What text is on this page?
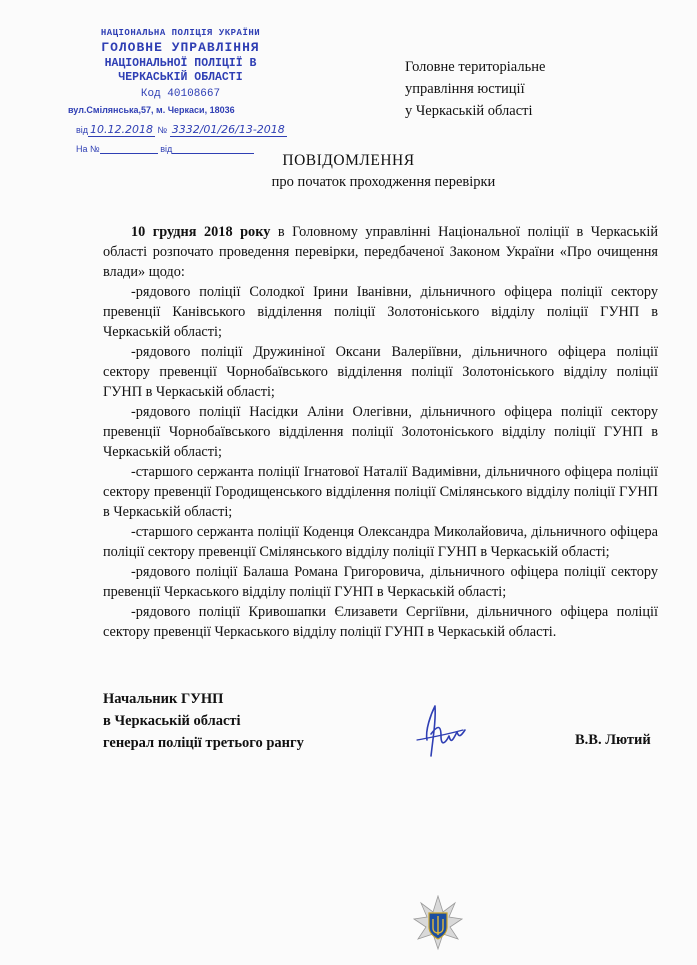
НАЦІОНАЛЬНА ПОЛІЦІЯ УКРАЇНИ
ГОЛОВНЕ УПРАВЛІННЯ
НАЦІОНАЛЬНОЇ ПОЛІЦІЇ В
ЧЕРКАСЬКІЙ ОБЛАСТІ
Код 40108667
вул.Смілянська,57, м. Черкаси, 18036
від 10.12.2018 № 3332/01/26/13-2018
На №	від
Головне територіальне
управління юстиції
у Черкаській області
ПОВІДОМЛЕННЯ
про початок проходження перевірки

10 грудня 2018 року в Головному управлінні Національної поліції в Черкаській області розпочато проведення перевірки, передбаченої Законом України «Про очищення влади» щодо:

-рядового поліції Солодкої Ірини Іванівни, дільничного офіцера поліції сектору превенції Канівського відділення поліції Золотоніського відділу поліції ГУНП в Черкаській області;

-рядового поліції Дружиніної Оксани Валеріївни, дільничного офіцера поліції сектору превенції Чорнобаївського відділення поліції Золотоніського відділу поліції ГУНП в Черкаській області;

-рядового поліції Насідки Аліни Олегівни, дільничного офіцера поліції сектору превенції Чорнобаївського відділення поліції Золотоніського відділу поліції ГУНП в Черкаській області;

-старшого сержанта поліції Ігнатової Наталії Вадимівни, дільничного офіцера поліції сектору превенції Городищенського відділення поліції Смілянського відділу поліції ГУНП в Черкаській області;

-старшого сержанта поліції Коденця Олександра Миколайовича, дільничного офіцера поліції сектору превенції Смілянського відділу поліції ГУНП в Черкаській області;

-рядового поліції Балаша Романа Григоровича, дільничного офіцера поліції сектору превенції Черкаського відділу поліції ГУНП в Черкаській області;

-рядового поліції Кривошапки Єлизавети Сергіївни, дільничного офіцера поліції сектору превенції Черкаського відділу поліції ГУНП в Черкаській області.

Начальник ГУНП
в Черкаській області
генерал поліції третього рангу	В.В. Лютий
